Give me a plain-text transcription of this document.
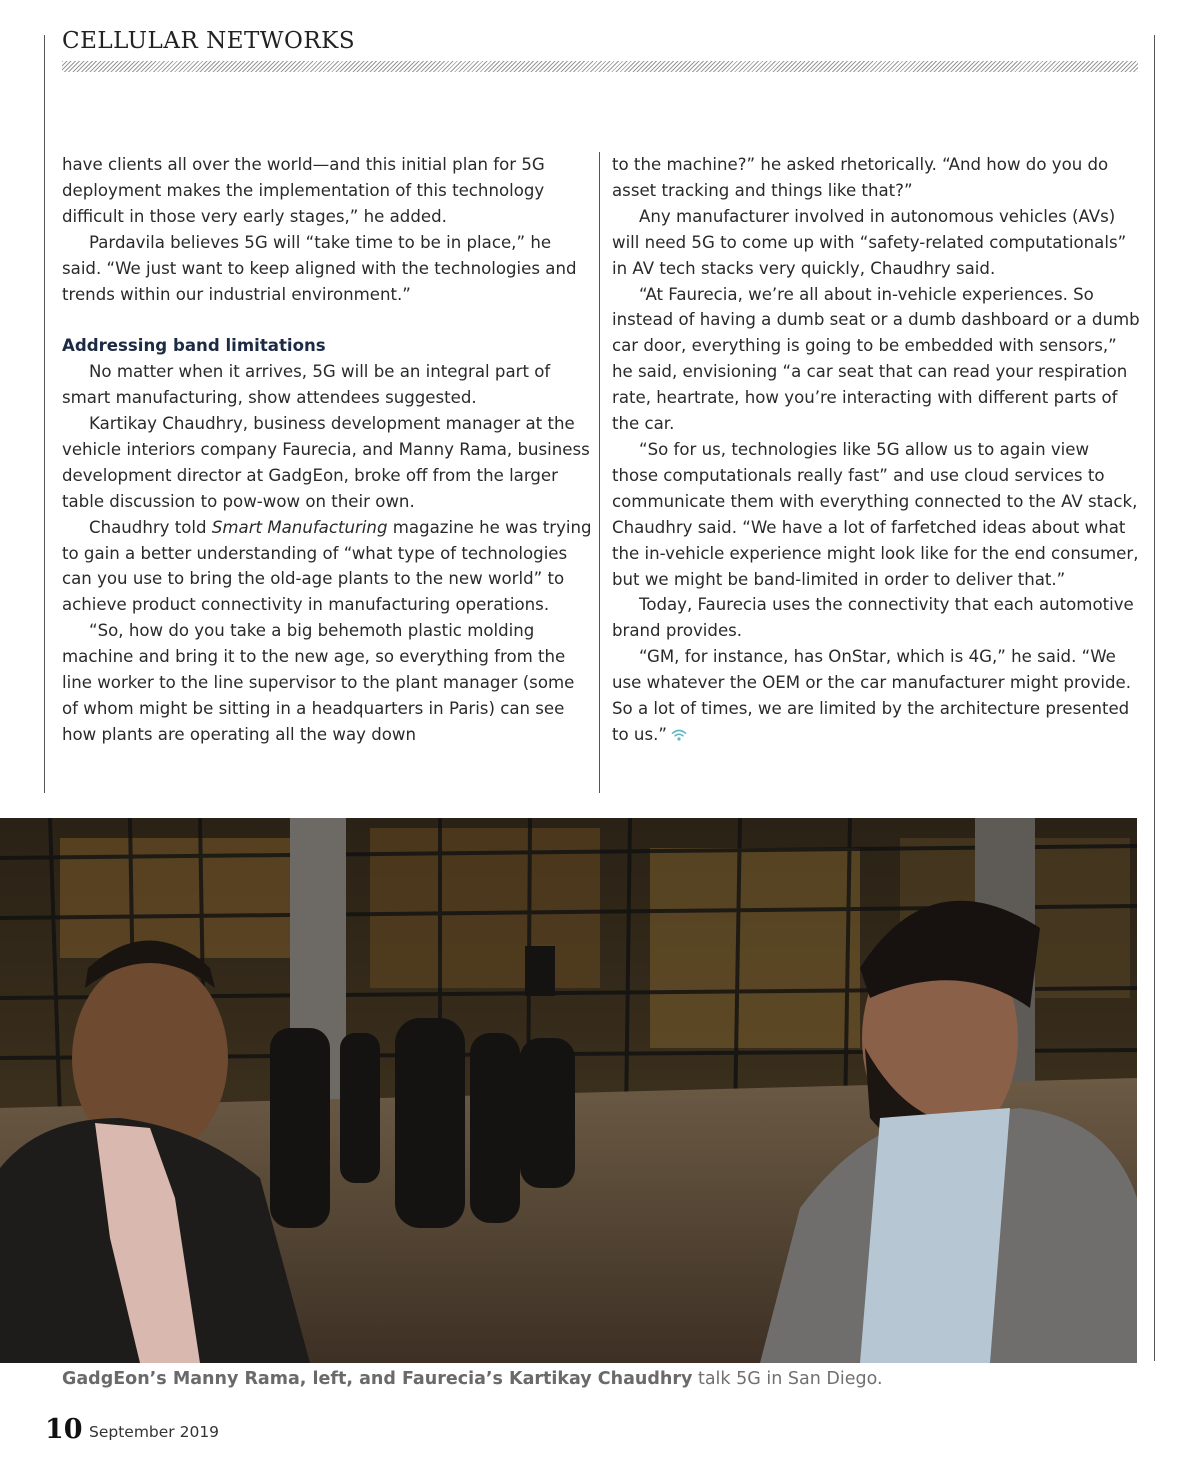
CELLULAR NETWORKS

have clients all over the world—and this initial plan for 5G deployment makes the implementation of this technology difficult in those very early stages,” he added.

Pardavila believes 5G will “take time to be in place,” he said. “We just want to keep aligned with the technologies and trends within our industrial environment.”

Addressing band limitations

No matter when it arrives, 5G will be an integral part of smart manufacturing, show attendees suggested.

Kartikay Chaudhry, business development manager at the vehicle interiors company Faurecia, and Manny Rama, business development director at GadgEon, broke off from the larger table discussion to pow-wow on their own.

Chaudhry told Smart Manufacturing magazine he was trying to gain a better understanding of “what type of technologies can you use to bring the old-age plants to the new world” to achieve product connectivity in manufacturing operations.

“So, how do you take a big behemoth plastic molding machine and bring it to the new age, so everything from the line worker to the line supervisor to the plant manager (some of whom might be sitting in a headquarters in Paris) can see how plants are operating all the way down

to the machine?” he asked rhetorically. “And how do you do asset tracking and things like that?”

Any manufacturer involved in autonomous vehicles (AVs) will need 5G to come up with “safety-related computationals” in AV tech stacks very quickly, Chaudhry said.

“At Faurecia, we’re all about in-vehicle experiences. So instead of having a dumb seat or a dumb dashboard or a dumb car door, everything is going to be embedded with sensors,” he said, envisioning “a car seat that can read your respiration rate, heartrate, how you’re interacting with different parts of the car.

“So for us, technologies like 5G allow us to again view those computationals really fast” and use cloud services to communicate them with everything connected to the AV stack, Chaudhry said. “We have a lot of farfetched ideas about what the in-vehicle experience might look like for the end consumer, but we might be band-limited in order to deliver that.”

Today, Faurecia uses the connectivity that each automotive brand provides.

“GM, for instance, has OnStar, which is 4G,” he said. “We use whatever the OEM or the car manufacturer might provide. So a lot of times, we are limited by the architecture presented to us.”

GadgEon’s Manny Rama, left, and Faurecia’s Kartikay Chaudhry talk 5G in San Diego.
10 September 2019
